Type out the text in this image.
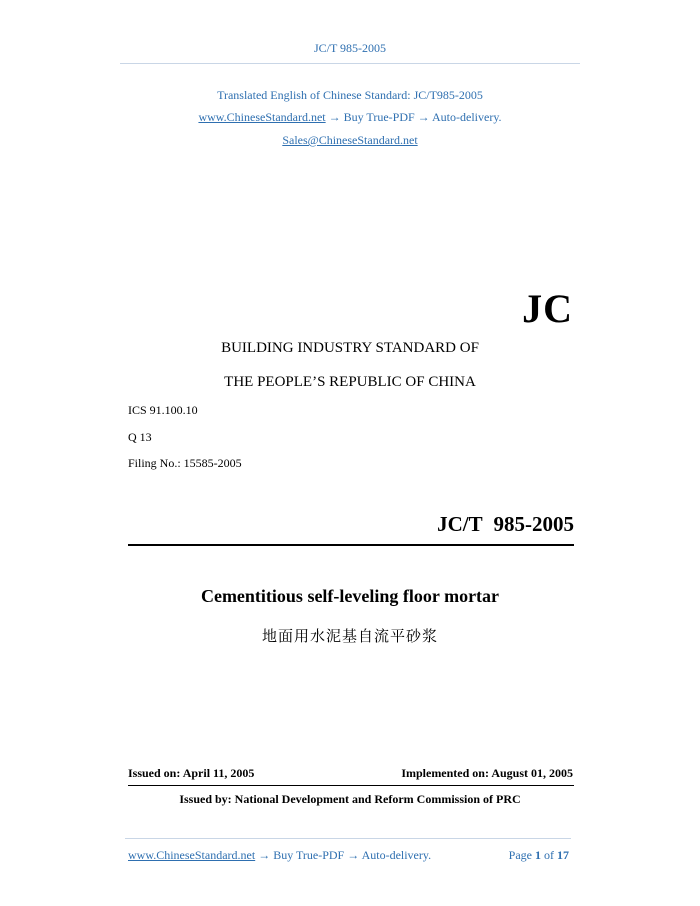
JC/T 985-2005
Translated English of Chinese Standard: JC/T985-2005
www.ChineseStandard.net → Buy True-PDF → Auto-delivery.
Sales@ChineseStandard.net
JC
BUILDING INDUSTRY STANDARD OF
THE PEOPLE’S REPUBLIC OF CHINA
ICS 91.100.10
Q 13
Filing No.: 15585-2005
JC/T 985-2005
Cementitious self-leveling floor mortar
地面用水泥基自流平砂浆
Issued on: April 11, 2005	Implemented on: August 01, 2005
Issued by: National Development and Reform Commission of PRC
www.ChineseStandard.net → Buy True-PDF → Auto-delivery.	Page 1 of 17
